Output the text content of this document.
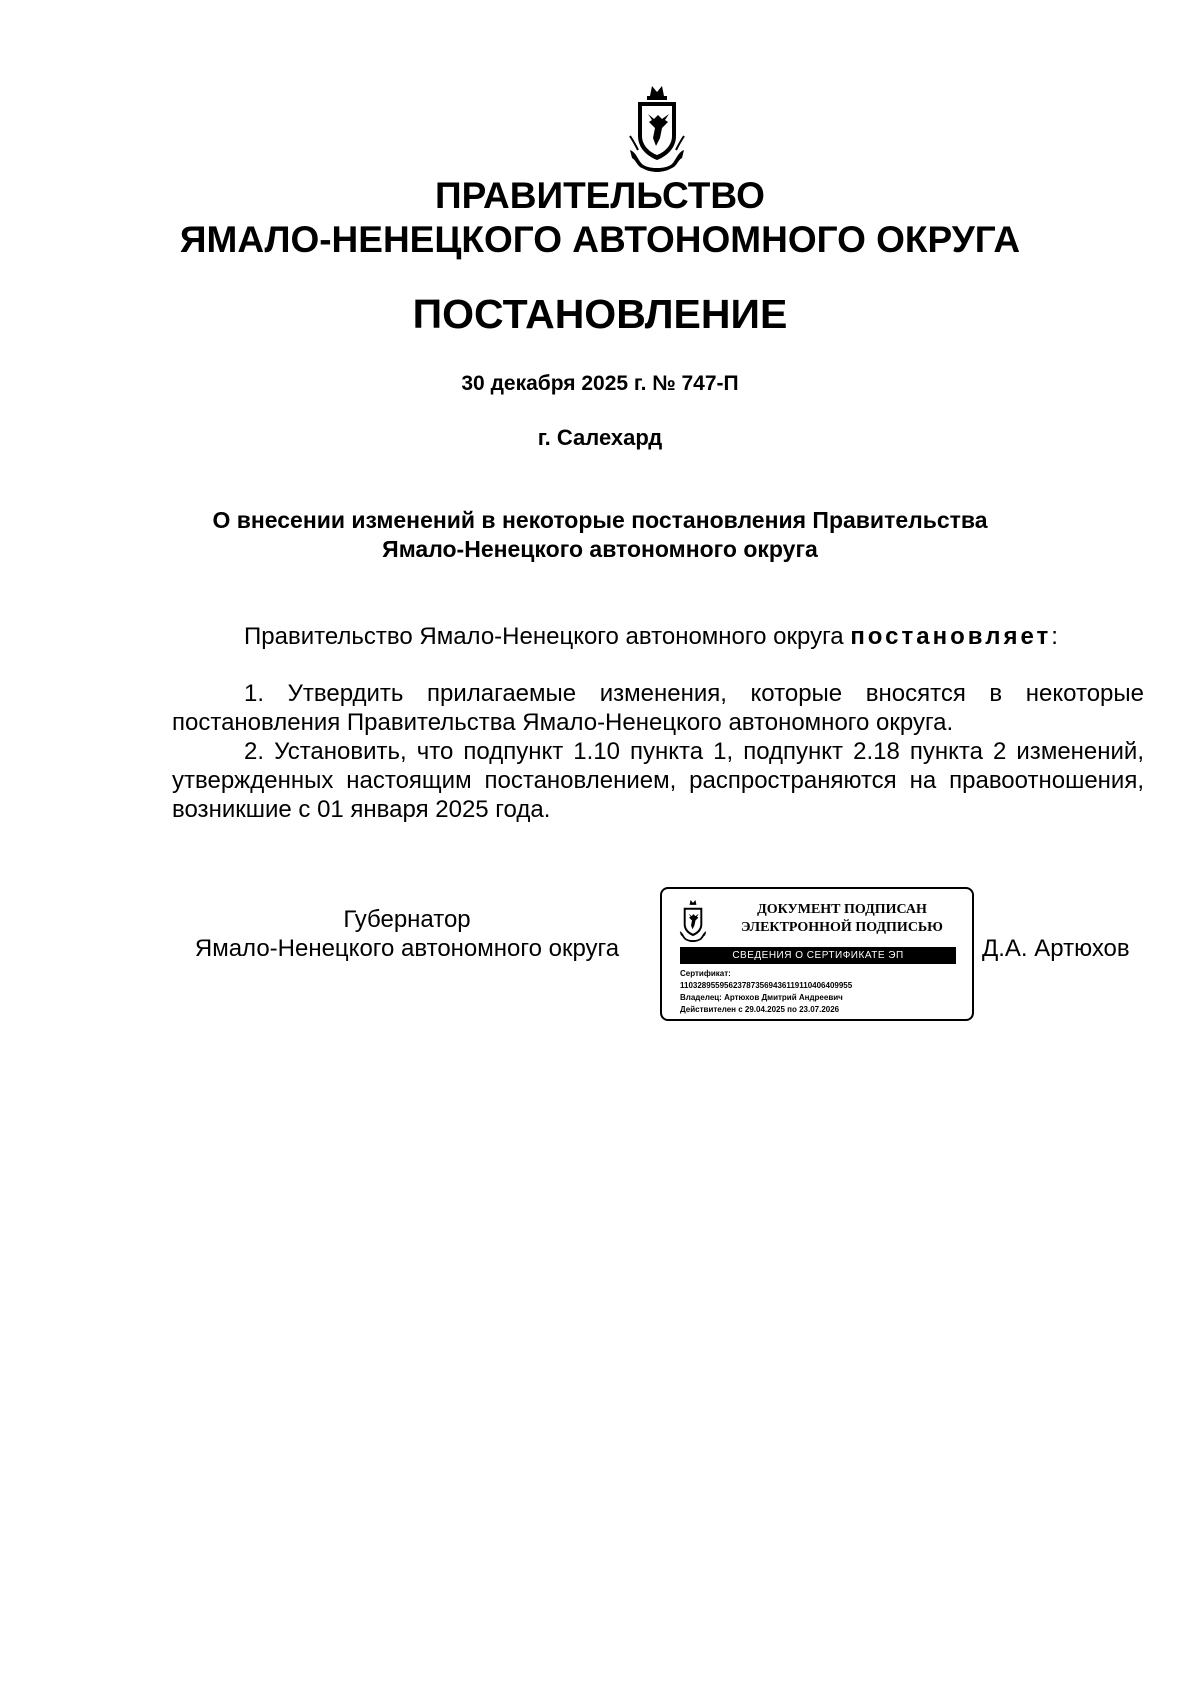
ПРАВИТЕЛЬСТВО
ЯМАЛО-НЕНЕЦКОГО АВТОНОМНОГО ОКРУГА
ПОСТАНОВЛЕНИЕ
30 декабря 2025 г. № 747-П
г. Салехард
О внесении изменений в некоторые постановления Правительства
Ямало-Ненецкого автономного округа
Правительство Ямало-Ненецкого автономного округа постановляет:

1. Утвердить прилагаемые изменения, которые вносятся в некоторые постановления Правительства Ямало-Ненецкого автономного округа.

2. Установить, что подпункт 1.10 пункта 1, подпункт 2.18 пункта 2 изменений, утвержденных настоящим постановлением, распространяются на правоотношения, возникшие с 01 января 2025 года.

Губернатор
Ямало-Ненецкого автономного округа
ДОКУМЕНТ ПОДПИСАН
ЭЛЕКТРОННОЙ ПОДПИСЬЮ
СВЕДЕНИЯ О СЕРТИФИКАТЕ ЭП
Сертификат:
110328955956237873569436119110406409955
Владелец: Артюхов Дмитрий Андреевич
Действителен с 29.04.2025 по 23.07.2026
Д.А. Артюхов
